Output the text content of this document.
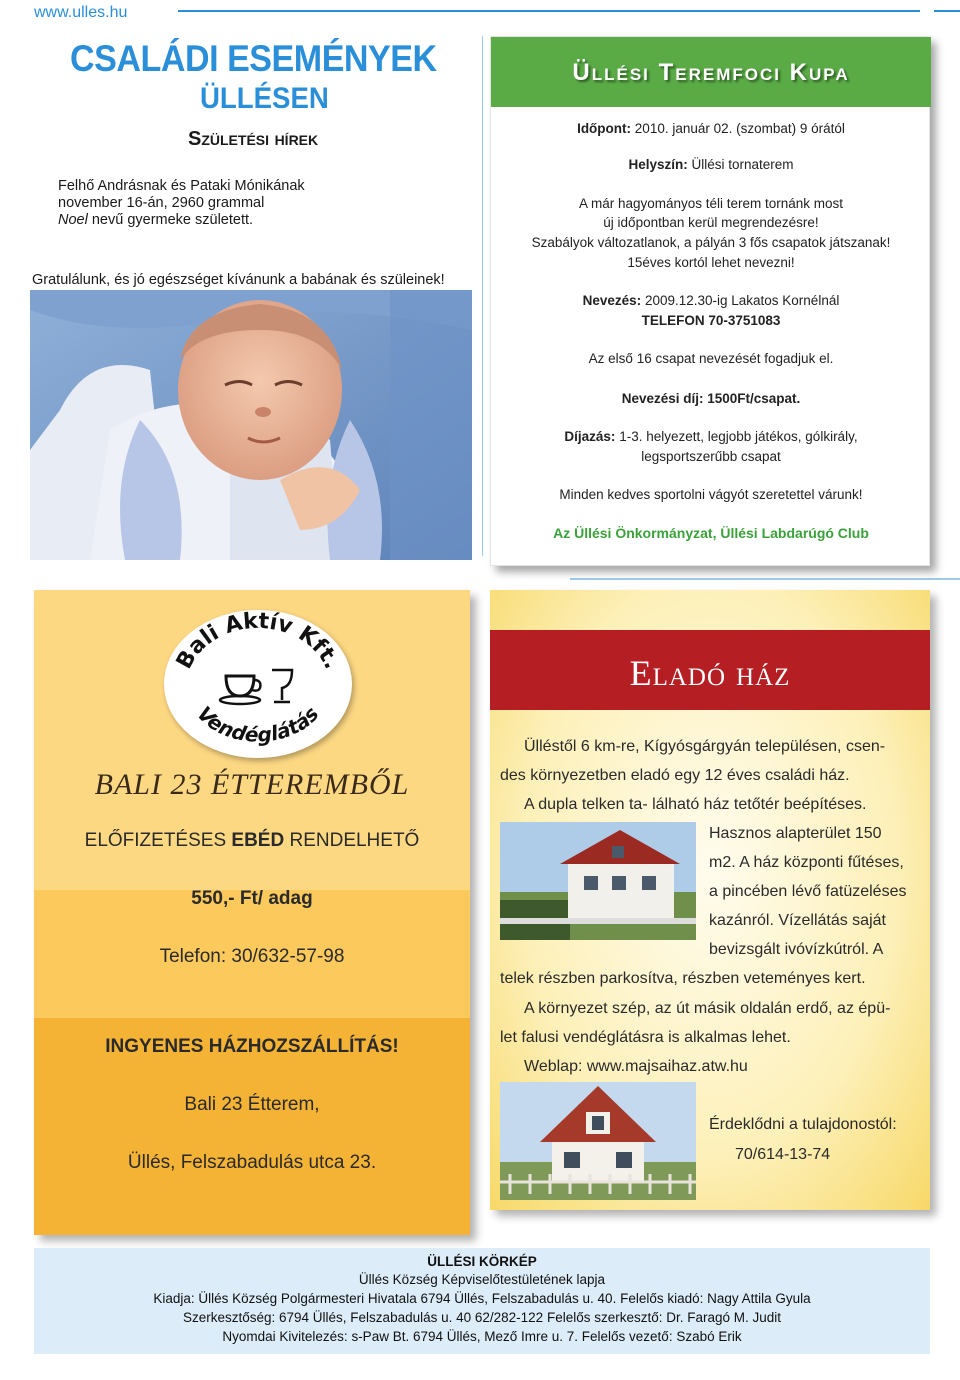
www.ulles.hu
CSALÁDI ESEMÉNYEK
ÜLLÉSEN
Születési hírek
Felhő Andrásnak és Pataki Mónikának
november 16-án, 2960 grammal
Noel nevű gyermeke született.
Gratulálunk, és jó egészséget kívánunk a babának és szüleinek!
Üllési Teremfoci Kupa
Időpont: 2010. január 02. (szombat) 9 órától
Helyszín: Üllési tornaterem
A már hagyományos téli terem tornánk most
új időpontban kerül megrendezésre!
Szabályok változatlanok, a pályán 3 fős csapatok játszanak!
15éves kortól lehet nevezni!
Nevezés: 2009.12.30-ig Lakatos Kornélnál
TELEFON 70-3751083
Az első 16 csapat nevezését fogadjuk el.
Nevezési díj: 1500Ft/csapat.
Díjazás: 1-3. helyezett, legjobb játékos, gólkirály,
legsportszerűbb csapat
Minden kedves sportolni vágyót szeretettel várunk!
Az Üllési Önkormányzat, Üllési Labdarúgó Club
Bali Aktív Kft.
Vendéglátás
BALI 23 ÉTTEREMBŐL
ELŐFIZETÉSES EBÉD RENDELHETŐ
550,- Ft/ adag
Telefon: 30/632-57-98
INGYENES HÁZHOZSZÁLLÍTÁS!
Bali 23 Étterem,
Üllés, Felszabadulás utca 23.
Eladó ház
Ülléstől 6 km-re, Kígyósgárgyán településen, csen-
des környezetben eladó egy 12 éves családi ház.
A dupla telken ta- lálható ház tetőtér beépítéses.
Hasznos alapterület 150
m2. A ház központi fűtéses,
a pincében lévő fatüzeléses
kazánról. Vízellátás saját
bevizsgált ivóvízkútról. A
telek részben parkosítva, részben veteményes kert.
A környezet szép, az út másik oldalán erdő, az épü-
let falusi vendéglátásra is alkalmas lehet.
Weblap: www.majsaihaz.atw.hu
Érdeklődni a tulajdonostól:
70/614-13-74
ÜLLÉSI KÖRKÉP
Üllés Község Képviselőtestületének lapja
Kiadja: Üllés Község Polgármesteri Hivatala 6794 Üllés, Felszabadulás u. 40. Felelős kiadó: Nagy Attila Gyula
Szerkesztőség: 6794 Üllés, Felszabadulás u. 40 62/282-122 Felelős szerkesztő: Dr. Faragó M. Judit
Nyomdai Kivitelezés: s-Paw Bt. 6794 Üllés, Mező Imre u. 7. Felelős vezető: Szabó Erik
